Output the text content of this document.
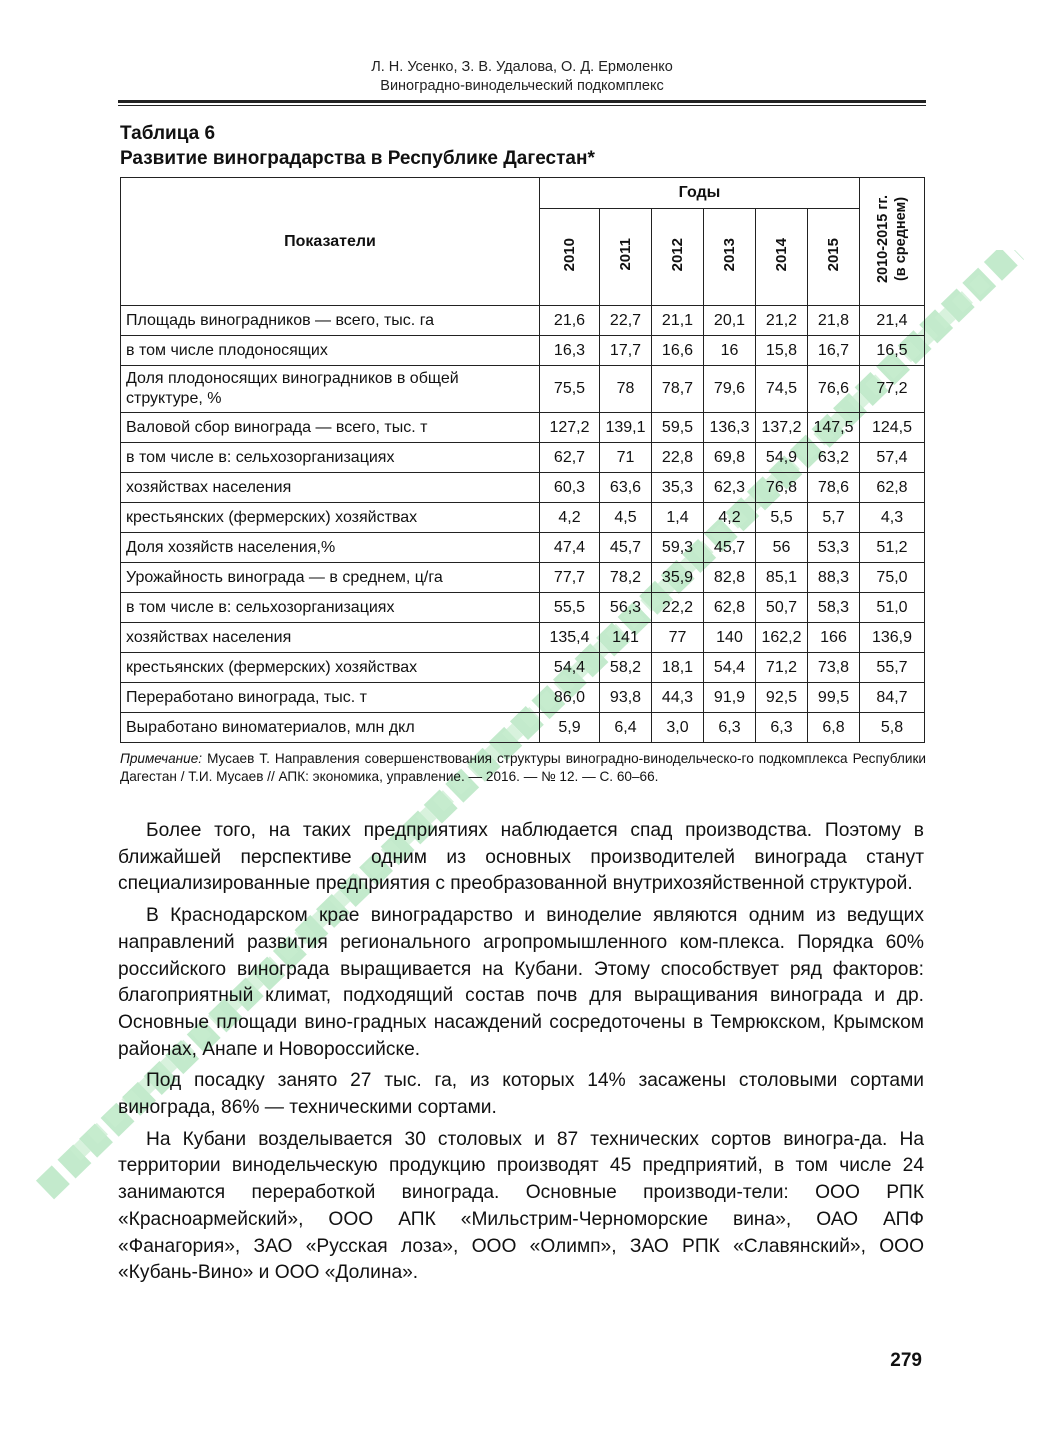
Л. Н. Усенко, З. В. Удалова, О. Д. Ермоленко
Виноградно-винодельческий подкомплекс
Таблица 6
Развитие виноградарства в Республике Дагестан*
Показатели	Годы						2010-2015 гг. (в среднем)
	2010	2011	2012	2013	2014	2015	
Площадь виноградников — всего, тыс. га	21,6	22,7	21,1	20,1	21,2	21,8	21,4
в том числе плодоносящих	16,3	17,7	16,6	16	15,8	16,7	16,5
Доля плодоносящих виноградников в общей структуре, %	75,5	78	78,7	79,6	74,5	76,6	77,2
Валовой сбор винограда — всего, тыс. т	127,2	139,1	59,5	136,3	137,2	147,5	124,5
в том числе в: сельхозорганизациях	62,7	71	22,8	69,8	54,9	63,2	57,4
хозяйствах населения	60,3	63,6	35,3	62,3	76,8	78,6	62,8
крестьянских (фермерских) хозяйствах	4,2	4,5	1,4	4,2	5,5	5,7	4,3
Доля хозяйств населения,%	47,4	45,7	59,3	45,7	56	53,3	51,2
Урожайность винограда — в среднем, ц/га	77,7	78,2	35,9	82,8	85,1	88,3	75,0
в том числе в: сельхозорганизациях	55,5	56,3	22,2	62,8	50,7	58,3	51,0
хозяйствах населения	135,4	141	77	140	162,2	166	136,9
крестьянских (фермерских) хозяйствах	54,4	58,2	18,1	54,4	71,2	73,8	55,7
Переработано винограда, тыс. т	86,0	93,8	44,3	91,9	92,5	99,5	84,7
Выработано виноматериалов, млн дкл	5,9	6,4	3,0	6,3	6,3	6,8	5,8
Примечание: Мусаев Т. Направления совершенствования структуры виноградно-винодельческо-го подкомплекса Республики Дагестан / Т.И. Мусаев // АПК: экономика, управление. — 2016. — № 12. — С. 60–66.

Более того, на таких предприятиях наблюдается спад производства. Поэтому в ближайшей перспективе одним из основных производителей винограда станут специализированные предприятия с преобразованной внутрихозяйственной структурой.

В Краснодарском крае виноградарство и виноделие являются одним из ведущих направлений развития регионального агропромышленного ком-плекса. Порядка 60% российского винограда выращивается на Кубани. Этому способствует ряд факторов: благоприятный климат, подходящий состав почв для выращивания винограда и др. Основные площади вино-градных насаждений сосредоточены в Темрюкском, Крымском районах, Анапе и Новороссийске.

Под посадку занято 27 тыс. га, из которых 14% засажены столовыми сортами винограда, 86% — техническими сортами.

На Кубани возделывается 30 столовых и 87 технических сортов виногра-да. На территории винодельческую продукцию производят 45 предприятий, в том числе 24 занимаются переработкой винограда. Основные производи-тели: ООО РПК «Красноармейский», ООО АПК «Мильстрим-Черноморские вина», ОАО АПФ «Фанагория», ЗАО «Русская лоза», ООО «Олимп», ЗАО РПК «Славянский», ООО «Кубань-Вино» и ООО «Долина».

279
